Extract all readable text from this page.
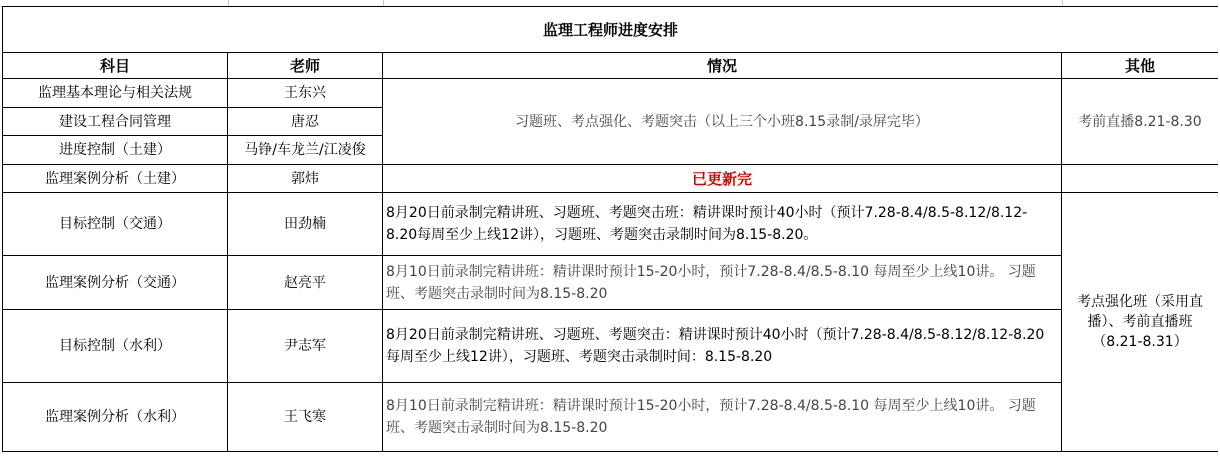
监理工程师进度安排			
科目	老师	情况	其他
监理基本理论与相关法规	王东兴	习题班、考点强化、考题突击（以上三个小班8.15录制/录屏完毕）	考前直播8.21-8.30
建设工程合同管理	唐忍		
进度控制（土建）	马铮/车龙兰/江凌俊		
监理案例分析（土建）	郭炜	已更新完	
目标控制（交通）	田劲楠	8月20日前录制完精讲班、习题班、考题突击班：精讲课时预计40小时（预计7.28-8.4/8.5-8.12/8.12-8.20每周至少上线12讲），习题班、考题突击录制时间为8.15-8.20。	考点强化班（采用直播）、考前直播班（8.21-8.31）
监理案例分析（交通）	赵亮平	8月10日前录制完精讲班：精讲课时预计15-20小时，预计7.28-8.4/8.5-8.10 每周至少上线10讲。 习题班、考题突击录制时间为8.15-8.20	
目标控制（水利）	尹志军	8月20日前录制完精讲班、习题班、考题突击：精讲课时预计40小时（预计7.28-8.4/8.5-8.12/8.12-8.20每周至少上线12讲），习题班、考题突击录制时间：8.15-8.20	
监理案例分析（水利）	王飞寒	8月10日前录制完精讲班：精讲课时预计15-20小时，预计7.28-8.4/8.5-8.10 每周至少上线10讲。 习题班、考题突击录制时间为8.15-8.20	
